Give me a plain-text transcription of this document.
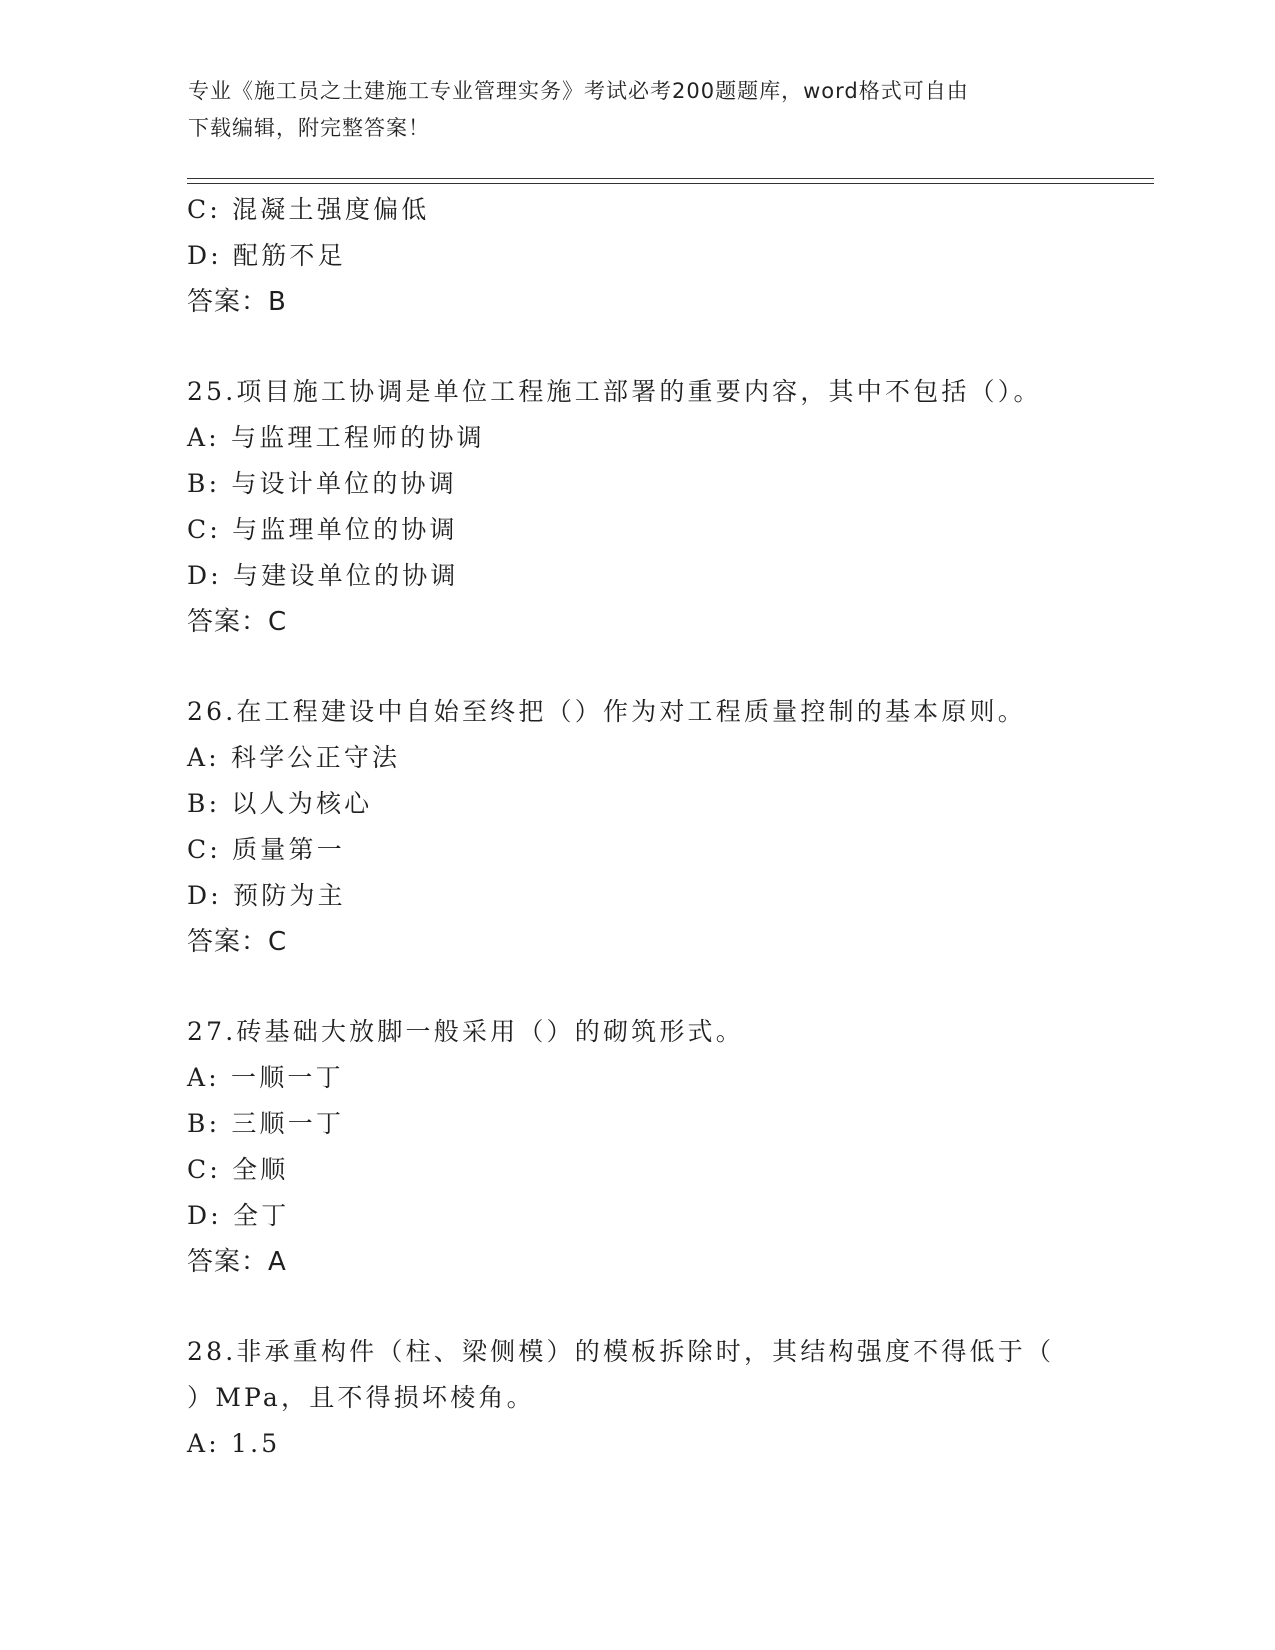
专业《施工员之土建施工专业管理实务》考试必考200题题库，word格式可自由
下载编辑，附完整答案！
C: 混凝土强度偏低
D: 配筋不足
答案：B
25.项目施工协调是单位工程施工部署的重要内容，其中不包括（）。
A: 与监理工程师的协调
B: 与设计单位的协调
C: 与监理单位的协调
D: 与建设单位的协调
答案：C
26.在工程建设中自始至终把（）作为对工程质量控制的基本原则。
A: 科学公正守法
B: 以人为核心
C: 质量第一
D: 预防为主
答案：C
27.砖基础大放脚一般采用（）的砌筑形式。
A: 一顺一丁
B: 三顺一丁
C: 全顺
D: 全丁
答案：A
28.非承重构件（柱、梁侧模）的模板拆除时，其结构强度不得低于（
）MPa，且不得损坏棱角。
A: 1.5
